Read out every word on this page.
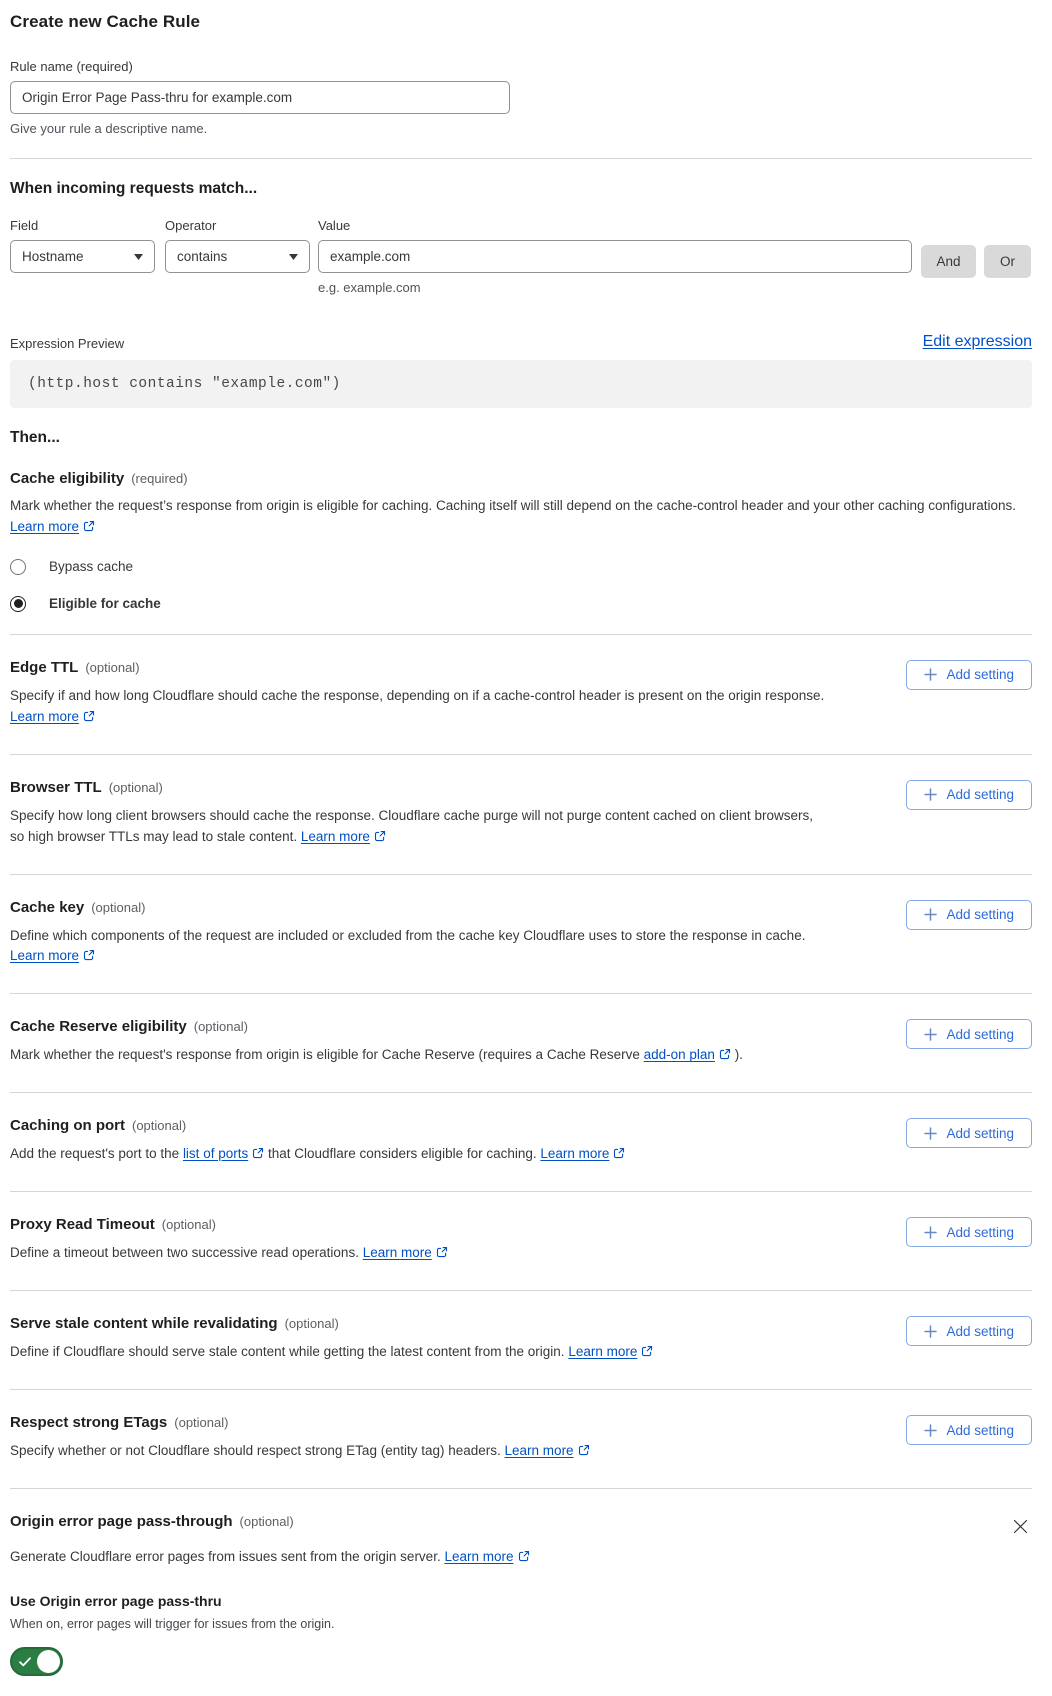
Create new Cache Rule
Rule name (required)
Origin Error Page Pass-thru for example.com
Give your rule a descriptive name.
When incoming requests match...
Field
Hostname
Operator
contains
Value
example.com
e.g. example.com
And	Or
Expression Preview	Edit expression
(http.host contains "example.com")
Then...
Cache eligibility (required)

Mark whether the request’s response from origin is eligible for caching. Caching itself will still depend on the cache-control header and your other caching configurations. Learn more

Bypass cache
Eligible for cache
Edge TTL (optional)

Specify if and how long Cloudflare should cache the response, depending on if a cache-control header is present on the origin response. Learn more

Add setting
Browser TTL (optional)

Specify how long client browsers should cache the response. Cloudflare cache purge will not purge content cached on client browsers, so high browser TTLs may lead to stale content. Learn more

Add setting
Cache key (optional)

Define which components of the request are included or excluded from the cache key Cloudflare uses to store the response in cache. Learn more

Add setting
Cache Reserve eligibility (optional)

Mark whether the request's response from origin is eligible for Cache Reserve (requires a Cache Reserve add-on plan ).

Add setting
Caching on port (optional)

Add the request's port to the list of ports that Cloudflare considers eligible for caching. Learn more

Add setting
Proxy Read Timeout (optional)

Define a timeout between two successive read operations. Learn more

Add setting
Serve stale content while revalidating (optional)

Define if Cloudflare should serve stale content while getting the latest content from the origin. Learn more

Add setting
Respect strong ETags (optional)

Specify whether or not Cloudflare should respect strong ETag (entity tag) headers. Learn more

Add setting
Origin error page pass-through (optional)

Generate Cloudflare error pages from issues sent from the origin server. Learn more

Use Origin error page pass-thru
When on, error pages will trigger for issues from the origin.
